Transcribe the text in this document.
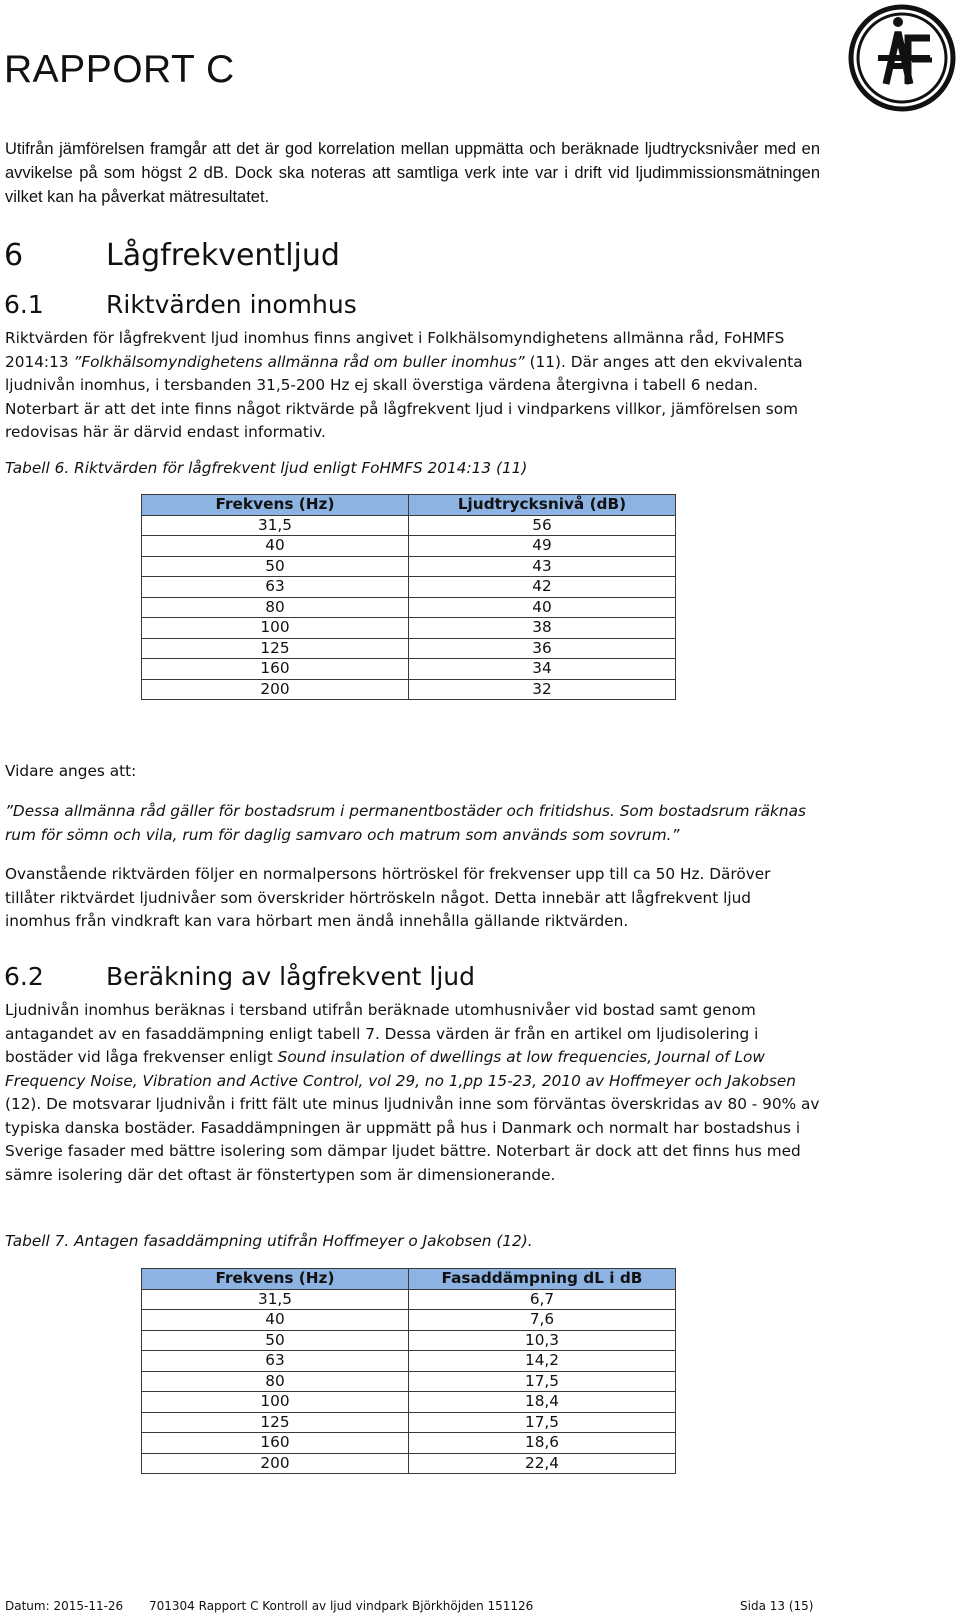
RAPPORT C
Utifrån jämförelsen framgår att det är god korrelation mellan uppmätta och beräknade ljudtrycksnivåer med en avvikelse på som högst 2 dB. Dock ska noteras att samtliga verk inte var i drift vid ljudimmissionsmätningen vilket kan ha påverkat mätresultatet.
6	Lågfrekventljud
6.1 Riktvärden inomhus
Riktvärden för lågfrekvent ljud inomhus finns angivet i Folkhälsomyndighetens allmänna råd, FoHMFS 2014:13 ”Folkhälsomyndighetens allmänna råd om buller inomhus” (11). Där anges att den ekvivalenta ljudnivån inomhus, i tersbanden 31,5-200 Hz ej skall överstiga värdena återgivna i tabell 6 nedan. Noterbart är att det inte finns något riktvärde på lågfrekvent ljud i vindparkens villkor, jämförelsen som redovisas här är därvid endast informativ.
Tabell 6. Riktvärden för lågfrekvent ljud enligt FoHMFS 2014:13 (11)
Frekvens (Hz)	Ljudtrycksnivå (dB)
31,5	56
40	49
50	43
63	42
80	40
100	38
125	36
160	34
200	32
Vidare anges att:
”Dessa allmänna råd gäller för bostadsrum i permanentbostäder och fritidshus. Som bostadsrum räknas rum för sömn och vila, rum för daglig samvaro och matrum som används som sovrum.”
Ovanstående riktvärden följer en normalpersons hörtröskel för frekvenser upp till ca 50 Hz. Däröver tillåter riktvärdet ljudnivåer som överskrider hörtröskeln något. Detta innebär att lågfrekvent ljud inomhus från vindkraft kan vara hörbart men ändå innehålla gällande riktvärden.
6.2 Beräkning av lågfrekvent ljud
Ljudnivån inomhus beräknas i tersband utifrån beräknade utomhusnivåer vid bostad samt genom antagandet av en fasaddämpning enligt tabell 7. Dessa värden är från en artikel om ljudisolering i bostäder vid låga frekvenser enligt Sound insulation of dwellings at low frequencies, Journal of Low Frequency Noise, Vibration and Active Control, vol 29, no 1,pp 15-23, 2010 av Hoffmeyer och Jakobsen (12). De motsvarar ljudnivån i fritt fält ute minus ljudnivån inne som förväntas överskridas av 80 - 90% av typiska danska bostäder. Fasaddämpningen är uppmätt på hus i Danmark och normalt har bostadshus i Sverige fasader med bättre isolering som dämpar ljudet bättre. Noterbart är dock att det finns hus med sämre isolering där det oftast är fönstertypen som är dimensionerande.
Tabell 7. Antagen fasaddämpning utifrån Hoffmeyer o Jakobsen (12).
Frekvens (Hz)	Fasaddämpning dL i dB
31,5	6,7
40	7,6
50	10,3
63	14,2
80	17,5
100	18,4
125	17,5
160	18,6
200	22,4
Datum: 2015-11-26 701304 Rapport C Kontroll av ljud vindpark Björkhöjden 151126	Sida 13 (15)
